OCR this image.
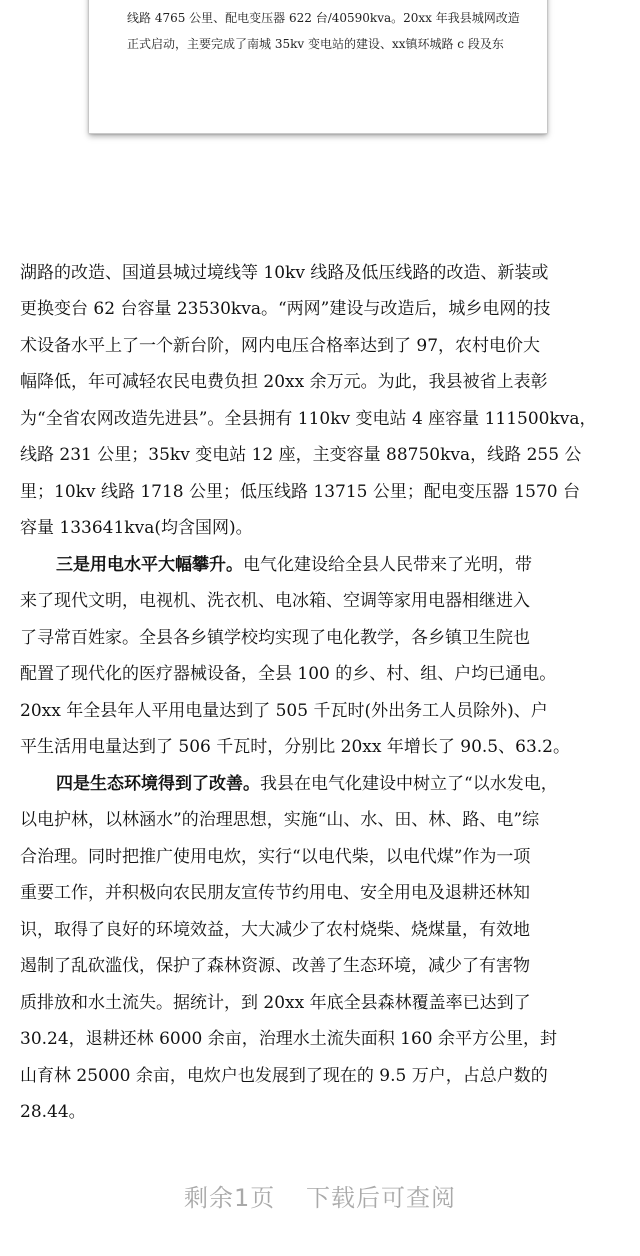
线路 4765 公里、配电变压器 622 台/40590kva。20xx 年我县城网改造
正式启动，主要完成了南城 35kv 变电站的建设、xx镇环城路 c 段及东
湖路的改造、国道县城过境线等 10kv 线路及低压线路的改造、新装或
更换变台 62 台容量 23530kva。“两网”建设与改造后，城乡电网的技
术设备水平上了一个新台阶，网内电压合格率达到了 97，农村电价大
幅降低，年可减轻农民电费负担 20xx 余万元。为此，我县被省上表彰
为“全省农网改造先进县”。全县拥有 110kv 变电站 4 座容量 111500kva，
线路 231 公里；35kv 变电站 12 座，主变容量 88750kva，线路 255 公
里；10kv 线路 1718 公里；低压线路 13715 公里；配电变压器 1570 台
容量 133641kva(均含国网)。
三是用电水平大幅攀升。电气化建设给全县人民带来了光明，带
来了现代文明，电视机、洗衣机、电冰箱、空调等家用电器相继进入
了寻常百姓家。全县各乡镇学校均实现了电化教学，各乡镇卫生院也
配置了现代化的医疗器械设备，全县 100 的乡、村、组、户均已通电。
20xx 年全县年人平用电量达到了 505 千瓦时(外出务工人员除外)、户
平生活用电量达到了 506 千瓦时，分别比 20xx 年增长了 90.5、63.2。
四是生态环境得到了改善。我县在电气化建设中树立了“以水发电，
以电护林，以林涵水”的治理思想，实施“山、水、田、林、路、电”综
合治理。同时把推广使用电炊，实行“以电代柴，以电代煤”作为一项
重要工作，并积极向农民朋友宣传节约用电、安全用电及退耕还林知
识，取得了良好的环境效益，大大减少了农村烧柴、烧煤量，有效地
遏制了乱砍滥伐，保护了森林资源、改善了生态环境，减少了有害物
质排放和水土流失。据统计，到 20xx 年底全县森林覆盖率已达到了
30.24，退耕还林 6000 余亩，治理水土流失面积 160 余平方公里，封
山育林 25000 余亩，电炊户也发展到了现在的 9.5 万户，占总户数的
28.44。
剩余1页 下载后可查阅
